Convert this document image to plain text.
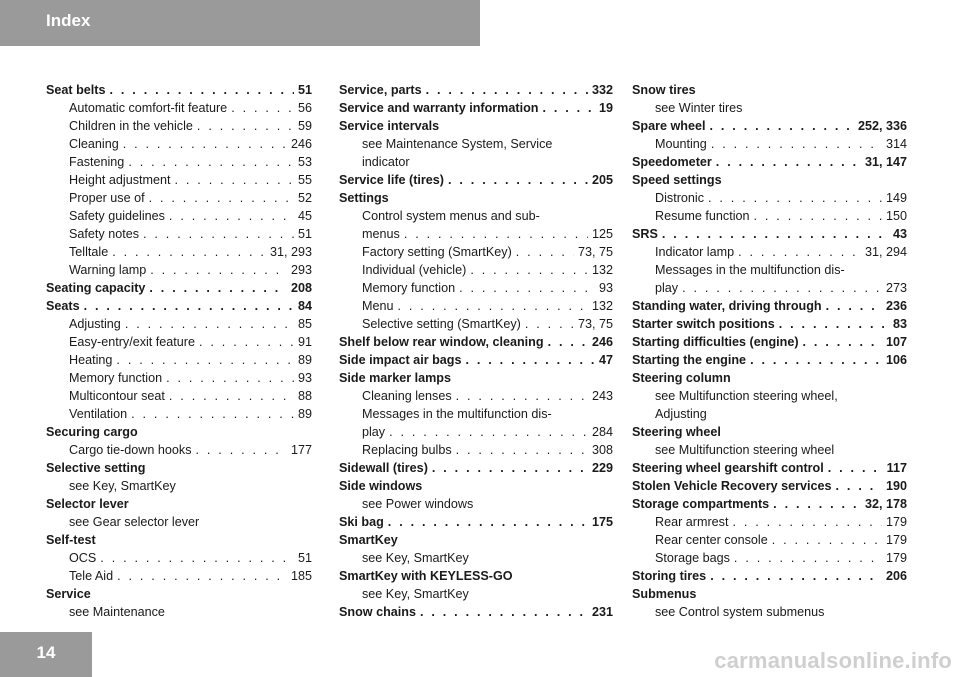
Index
Seat belts . . .	51
Automatic comfort-fit feature . . .	56
Children in the vehicle . . .	59
Cleaning . . .	246
Fastening . . .	53
Height adjustment . . .	55
Proper use of . . .	52
Safety guidelines . . .	45
Safety notes . . .	51
Telltale . . .	31, 293
Warning lamp . . .	293
Seating capacity . . .	208
Seats . . .	84
Adjusting . . .	85
Easy-entry/exit feature . . .	91
Heating . . .	89
Memory function . . .	93
Multicontour seat . . .	88
Ventilation . . .	89
Securing cargo
Cargo tie-down hooks . . .	177
Selective setting
see Key, SmartKey
Selector lever
see Gear selector lever
Self-test
OCS . . .	51
Tele Aid . . .	185
Service
see Maintenance
Service, parts . . .	332
Service and warranty information . . .	19
Service intervals
see Maintenance System, Service
indicator
Service life (tires) . . .	205
Settings
Control system menus and sub-
menus . . .	125
Factory setting (SmartKey) . . .	73, 75
Individual (vehicle) . . .	132
Memory function . . .	93
Menu . . .	132
Selective setting (SmartKey) . . .	73, 75
Shelf below rear window, cleaning . . .	246
Side impact air bags . . .	47
Side marker lamps
Cleaning lenses . . .	243
Messages in the multifunction dis-
play . . .	284
Replacing bulbs . . .	308
Sidewall (tires) . . .	229
Side windows
see Power windows
Ski bag . . .	175
SmartKey
see Key, SmartKey
SmartKey with KEYLESS-GO
see Key, SmartKey
Snow chains . . .	231
Snow tires
see Winter tires
Spare wheel . . .	252, 336
Mounting . . .	314
Speedometer . . .	31, 147
Speed settings
Distronic . . .	149
Resume function . . .	150
SRS . . .	43
Indicator lamp . . .	31, 294
Messages in the multifunction dis-
play . . .	273
Standing water, driving through . . .	236
Starter switch positions . . .	83
Starting difficulties (engine) . . .	107
Starting the engine . . .	106
Steering column
see Multifunction steering wheel,
Adjusting
Steering wheel
see Multifunction steering wheel
Steering wheel gearshift control . . .	117
Stolen Vehicle Recovery services . . .	190
Storage compartments . . .	32, 178
Rear armrest . . .	179
Rear center console . . .	179
Storage bags . . .	179
Storing tires . . .	206
Submenus
see Control system submenus
14	carmanualsonline.info
